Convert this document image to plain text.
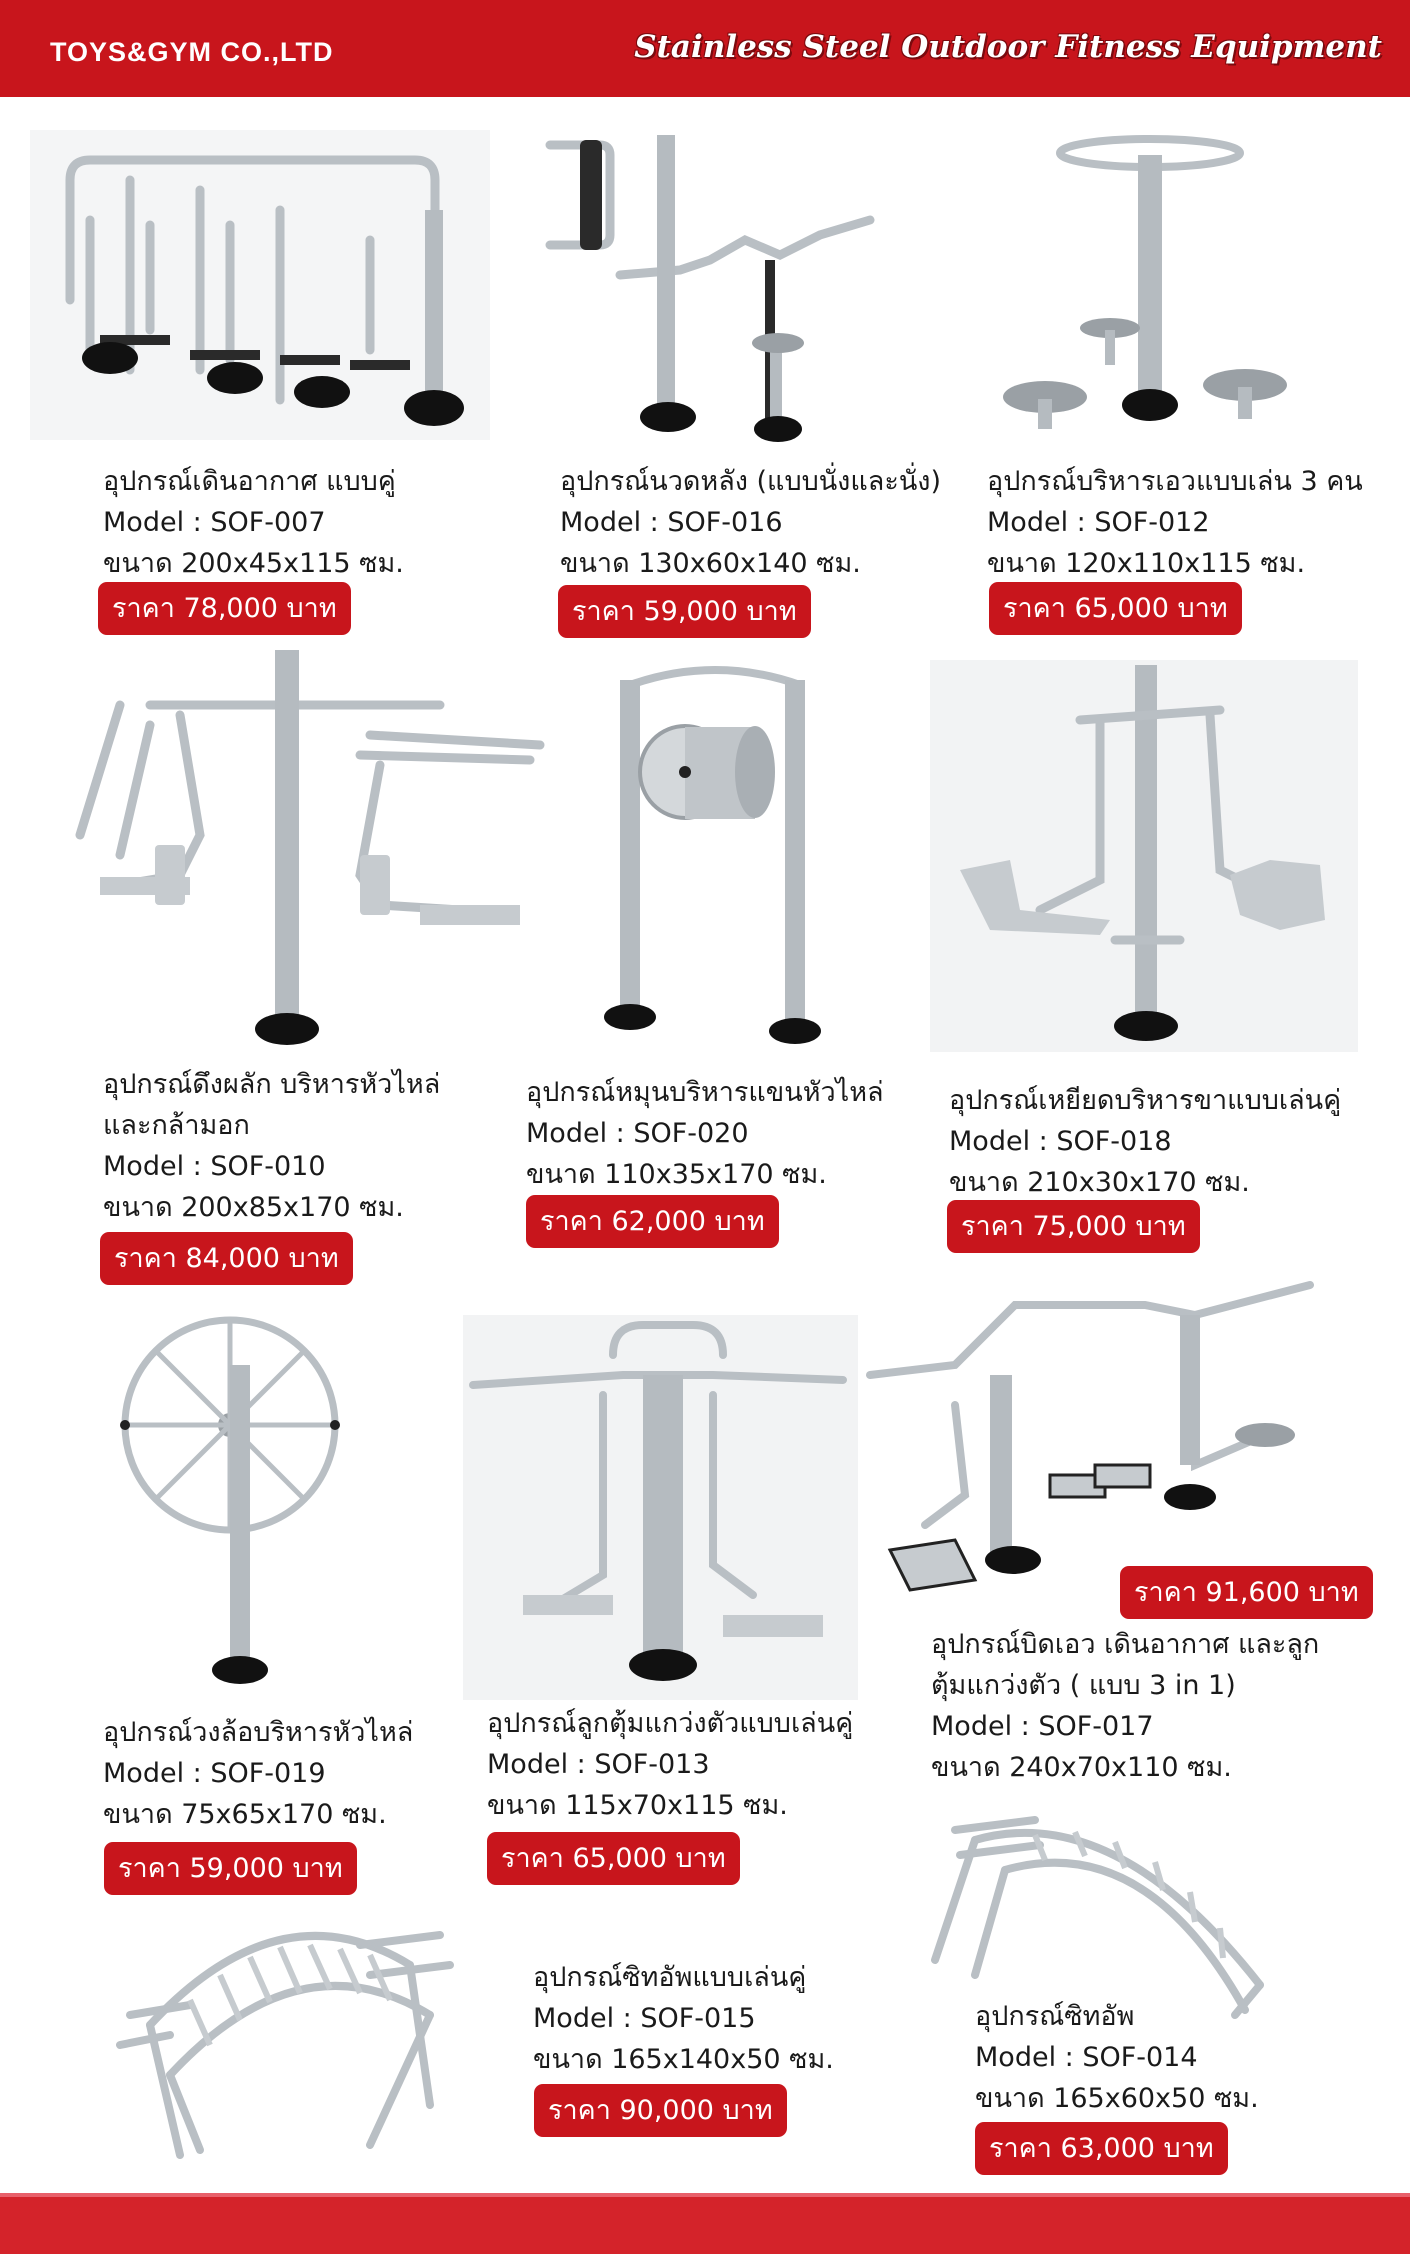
TOYS&GYM CO.,LTD	Stainless Steel Outdoor Fitness Equipment
อุปกรณ์เดินอากาศ แบบคู่
Model : SOF-007
ขนาด 200x45x115 ซม.
ราคา 78,000 บาท
อุปกรณ์นวดหลัง (แบบนั่งและนั่ง)
Model : SOF-016
ขนาด 130x60x140 ซม.
ราคา 59,000 บาท
อุปกรณ์บริหารเอวแบบเล่น 3 คน
Model : SOF-012
ขนาด 120x110x115 ซม.
ราคา 65,000 บาท
อุปกรณ์ดึงผลัก บริหารหัวไหล่
และกล้ามอก
Model : SOF-010
ขนาด 200x85x170 ซม.
ราคา 84,000 บาท
อุปกรณ์หมุนบริหารแขนหัวไหล่
Model : SOF-020
ขนาด 110x35x170 ซม.
ราคา 62,000 บาท
อุปกรณ์เหยียดบริหารขาแบบเล่นคู่
Model : SOF-018
ขนาด 210x30x170 ซม.
ราคา 75,000 บาท
อุปกรณ์วงล้อบริหารหัวไหล่
Model : SOF-019
ขนาด 75x65x170 ซม.
ราคา 59,000 บาท
อุปกรณ์ลูกตุ้มแกว่งตัวแบบเล่นคู่
Model : SOF-013
ขนาด 115x70x115 ซม.
ราคา 65,000 บาท
ราคา 91,600 บาท
อุปกรณ์บิดเอว เดินอากาศ และลูก
ตุ้มแกว่งตัว ( แบบ 3 in 1)
Model : SOF-017
ขนาด 240x70x110 ซม.
อุปกรณ์ซิทอัพแบบเล่นคู่
Model : SOF-015
ขนาด 165x140x50 ซม.
ราคา 90,000 บาท
อุปกรณ์ซิทอัพ
Model : SOF-014
ขนาด 165x60x50 ซม.
ราคา 63,000 บาท
